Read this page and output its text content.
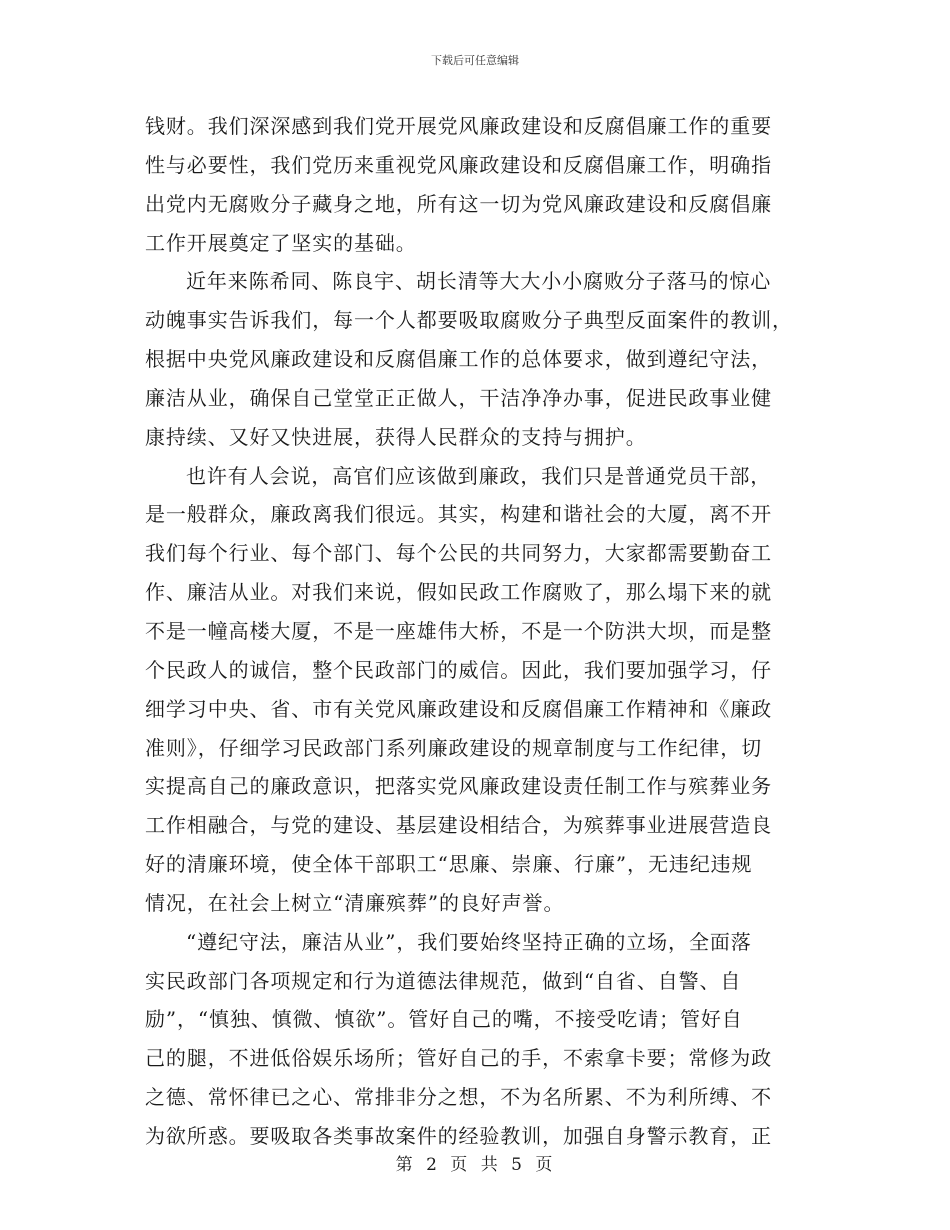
下载后可任意编辑
钱财。我们深深感到我们党开展党风廉政建设和反腐倡廉工作的重要
性与必要性，我们党历来重视党风廉政建设和反腐倡廉工作，明确指
出党内无腐败分子藏身之地，所有这一切为党风廉政建设和反腐倡廉
工作开展奠定了坚实的基础。
近年来陈希同、陈良宇、胡长清等大大小小腐败分子落马的惊心
动魄事实告诉我们，每一个人都要吸取腐败分子典型反面案件的教训，
根据中央党风廉政建设和反腐倡廉工作的总体要求，做到遵纪守法，
廉洁从业，确保自己堂堂正正做人，干洁净净办事，促进民政事业健
康持续、又好又快进展，获得人民群众的支持与拥护。
也许有人会说，高官们应该做到廉政，我们只是普通党员干部，
是一般群众，廉政离我们很远。其实，构建和谐社会的大厦，离不开
我们每个行业、每个部门、每个公民的共同努力，大家都需要勤奋工
作、廉洁从业。对我们来说，假如民政工作腐败了，那么塌下来的就
不是一幢高楼大厦，不是一座雄伟大桥，不是一个防洪大坝，而是整
个民政人的诚信，整个民政部门的威信。因此，我们要加强学习，仔
细学习中央、省、市有关党风廉政建设和反腐倡廉工作精神和《廉政
准则》，仔细学习民政部门系列廉政建设的规章制度与工作纪律，切
实提高自己的廉政意识，把落实党风廉政建设责任制工作与殡葬业务
工作相融合，与党的建设、基层建设相结合，为殡葬事业进展营造良
好的清廉环境，使全体干部职工“思廉、崇廉、行廉”，无违纪违规
情况，在社会上树立“清廉殡葬”的良好声誉。
“遵纪守法，廉洁从业”，我们要始终坚持正确的立场，全面落
实民政部门各项规定和行为道德法律规范，做到“自省、自警、自
励”，“慎独、慎微、慎欲”。管好自己的嘴，不接受吃请；管好自
己的腿，不进低俗娱乐场所；管好自己的手，不索拿卡要；常修为政
之德、常怀律已之心、常排非分之想，不为名所累、不为利所缚、不
为欲所惑。要吸取各类事故案件的经验教训，加强自身警示教育，正
第 2 页 共 5 页
